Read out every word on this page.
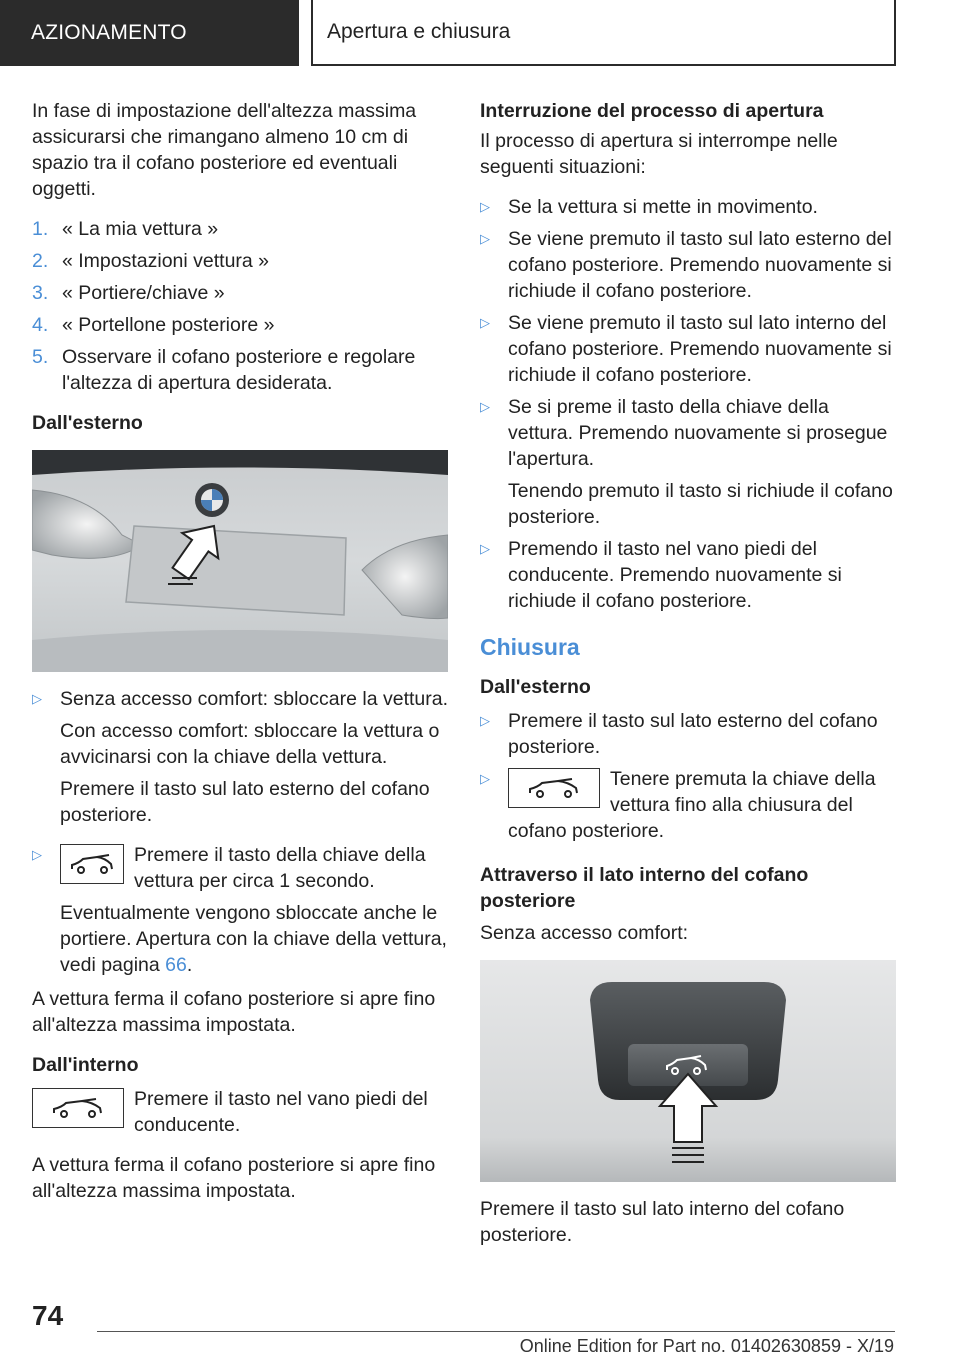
AZIONAMENTO	Apertura e chiusura
In fase di impostazione dell'altezza massima assicurarsi che rimangano almeno 10 cm di spazio tra il cofano posteriore ed eventuali oggetti.
1. « La mia vettura »
2. « Impostazioni vettura »
3. « Portiere/chiave »
4. « Portellone posteriore »
5. Osservare il cofano posteriore e regolare l'altezza di apertura desiderata.
Dall'esterno
▷ Senza accesso comfort: sbloccare la vettura.
Con accesso comfort: sbloccare la vettura o avvicinarsi con la chiave della vettura.
Premere il tasto sul lato esterno del cofano posteriore.
▷	Premere il tasto della chiave della vettura per circa 1 secondo.
Eventualmente vengono sbloccate anche le portiere. Apertura con la chiave della vettura, vedi pagina 66.
A vettura ferma il cofano posteriore si apre fino all'altezza massima impostata.
Dall'interno
Premere il tasto nel vano piedi del conducente.
A vettura ferma il cofano posteriore si apre fino all'altezza massima impostata.
Interruzione del processo di apertura
Il processo di apertura si interrompe nelle seguenti situazioni:
▷ Se la vettura si mette in movimento.
▷ Se viene premuto il tasto sul lato esterno del cofano posteriore. Premendo nuovamente si richiude il cofano posteriore.
▷ Se viene premuto il tasto sul lato interno del cofano posteriore. Premendo nuovamente si richiude il cofano posteriore.
▷ Se si preme il tasto della chiave della vettura. Premendo nuovamente si prosegue l'apertura.
Tenendo premuto il tasto si richiude il cofano posteriore.
▷ Premendo il tasto nel vano piedi del conducente. Premendo nuovamente si richiude il cofano posteriore.
Chiusura
Dall'esterno
▷ Premere il tasto sul lato esterno del cofano posteriore.
▷	Tenere premuta la chiave della vettura fino alla chiusura del cofano posteriore.
Attraverso il lato interno del cofano posteriore
Senza accesso comfort:
Premere il tasto sul lato interno del cofano posteriore.
74
Online Edition for Part no. 01402630859 - X/19
